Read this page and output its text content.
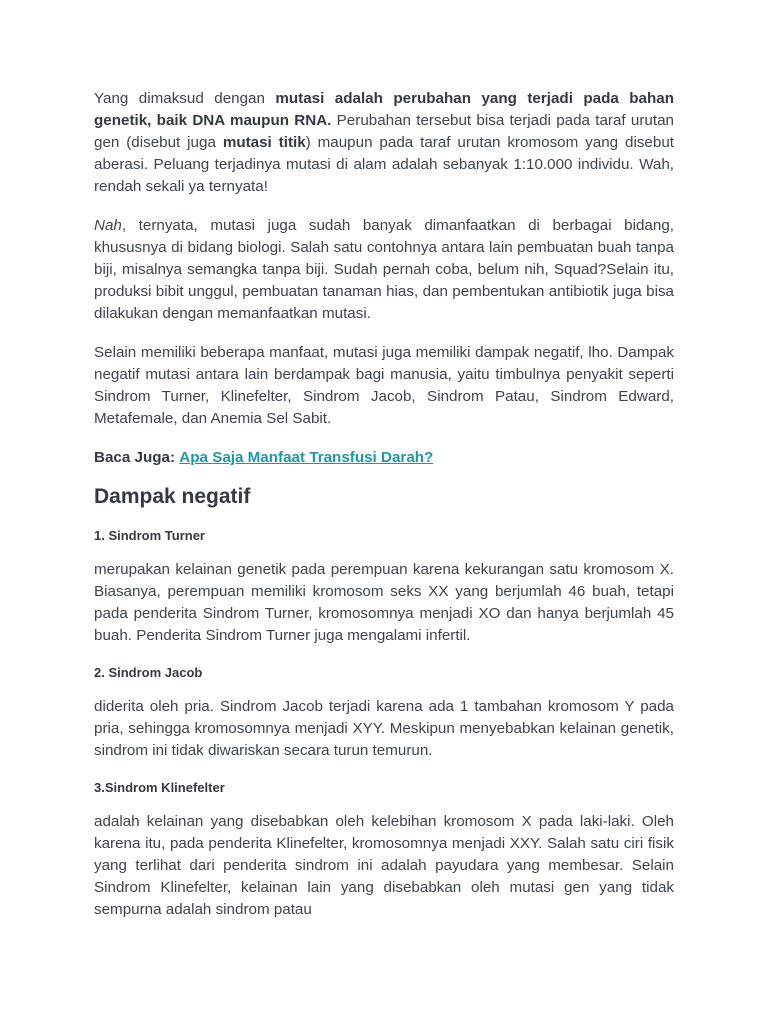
Yang dimaksud dengan mutasi adalah perubahan yang terjadi pada bahan genetik, baik DNA maupun RNA. Perubahan tersebut bisa terjadi pada taraf urutan gen (disebut juga mutasi titik) maupun pada taraf urutan kromosom yang disebut aberasi. Peluang terjadinya mutasi di alam adalah sebanyak 1:10.000 individu. Wah, rendah sekali ya ternyata!

Nah, ternyata, mutasi juga sudah banyak dimanfaatkan di berbagai bidang, khususnya di bidang biologi. Salah satu contohnya antara lain pembuatan buah tanpa biji, misalnya semangka tanpa biji. Sudah pernah coba, belum nih, Squad?Selain itu, produksi bibit unggul, pembuatan tanaman hias, dan pembentukan antibiotik juga bisa dilakukan dengan memanfaatkan mutasi.

Selain memiliki beberapa manfaat, mutasi juga memiliki dampak negatif, lho. Dampak negatif mutasi antara lain berdampak bagi manusia, yaitu timbulnya penyakit seperti Sindrom Turner, Klinefelter, Sindrom Jacob, Sindrom Patau, Sindrom Edward, Metafemale, dan Anemia Sel Sabit.

Baca Juga: Apa Saja Manfaat Transfusi Darah?

Dampak negatif
1. Sindrom Turner

merupakan kelainan genetik pada perempuan karena kekurangan satu kromosom X. Biasanya, perempuan memiliki kromosom seks XX yang berjumlah 46 buah, tetapi pada penderita Sindrom Turner, kromosomnya menjadi XO dan hanya berjumlah 45 buah. Penderita Sindrom Turner juga mengalami infertil.

2. Sindrom Jacob

diderita oleh pria. Sindrom Jacob terjadi karena ada 1 tambahan kromosom Y pada pria, sehingga kromosomnya menjadi XYY. Meskipun menyebabkan kelainan genetik, sindrom ini tidak diwariskan secara turun temurun.

3.Sindrom Klinefelter

adalah kelainan yang disebabkan oleh kelebihan kromosom X pada laki-laki. Oleh karena itu, pada penderita Klinefelter, kromosomnya menjadi XXY. Salah satu ciri fisik yang terlihat dari penderita sindrom ini adalah payudara yang membesar. Selain Sindrom Klinefelter, kelainan lain yang disebabkan oleh mutasi gen yang tidak sempurna adalah sindrom patau
